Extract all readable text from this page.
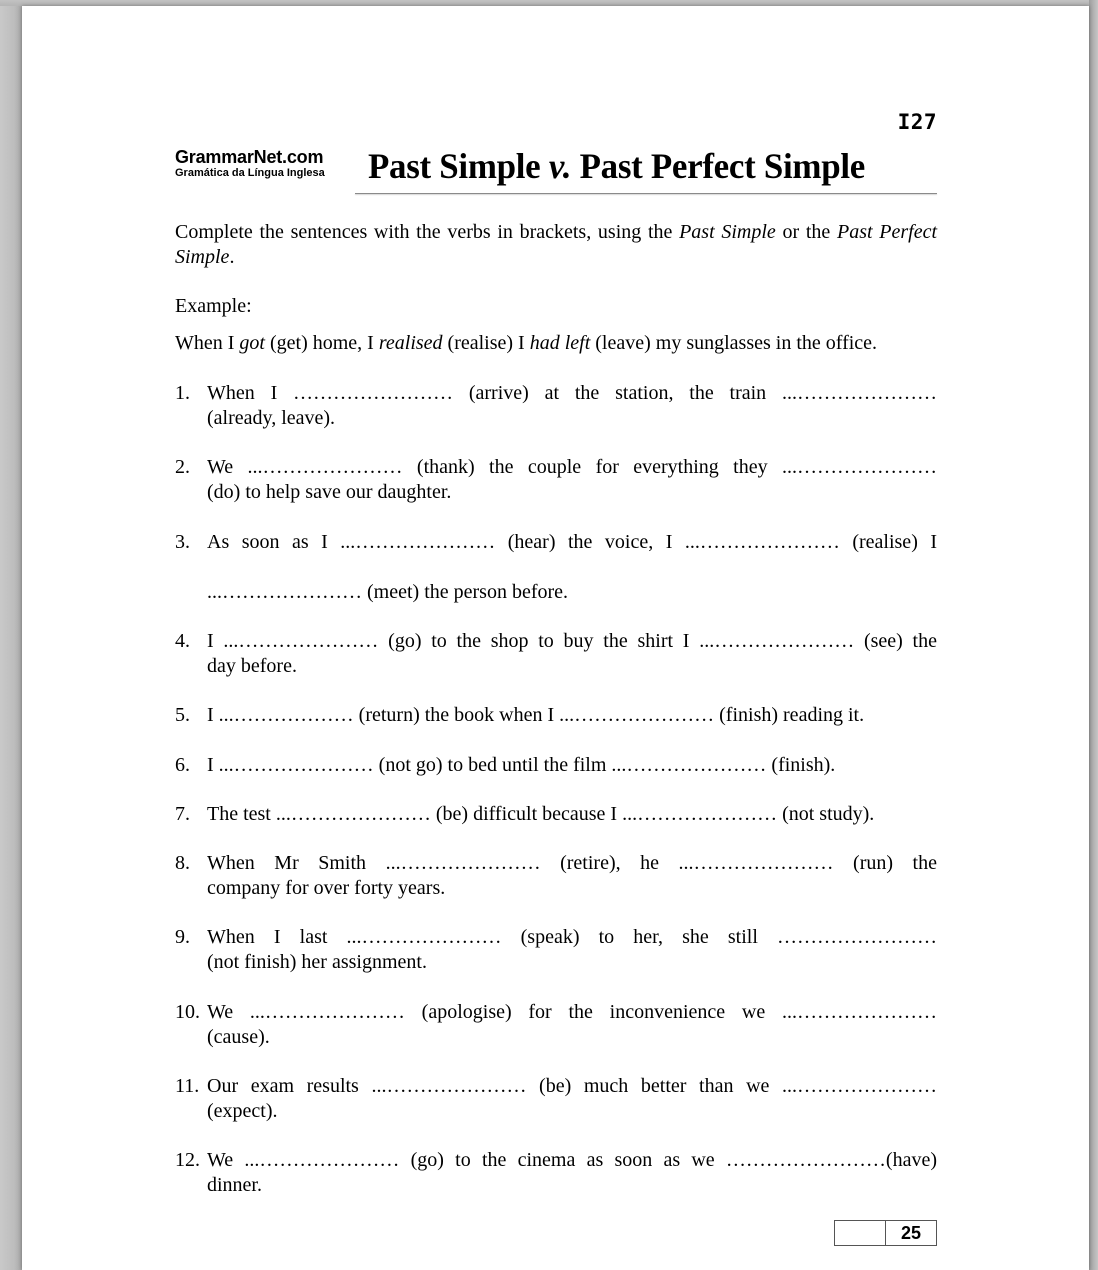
I27
GrammarNet.com
Gramática da Língua Inglesa Past Simple v. Past Perfect Simple
Complete the sentences with the verbs in brackets, using the Past Simple or the Past Perfect Simple.
Example:
When I got (get) home, I realised (realise) I had left (leave) my sunglasses in the office.
1. When I …………………… (arrive) at the station, the train ...…………………
(already, leave).
2. We ...………………… (thank) the couple for everything they ...…………………
(do) to help save our daughter.
3. As soon as I ...………………… (hear) the voice, I ...………………… (realise) I
...………………… (meet) the person before.
4. I ...………………… (go) to the shop to buy the shirt I ...………………… (see) the
day before.
5. I ...……………… (return) the book when I ...………………… (finish) reading it.
6. I ...………………… (not go) to bed until the film ...………………… (finish).
7. The test ...………………… (be) difficult because I ...………………… (not study).
8. When Mr Smith ...………………… (retire), he ...………………… (run) the
company for over forty years.
9. When I last ...………………… (speak) to her, she still ……………………
(not finish) her assignment.
10. We ...………………… (apologise) for the inconvenience we ...…………………
(cause).
11. Our exam results ...………………… (be) much better than we ...…………………
(expect).
12. We ...………………… (go) to the cinema as soon as we ……………………(have)
dinner.
25
